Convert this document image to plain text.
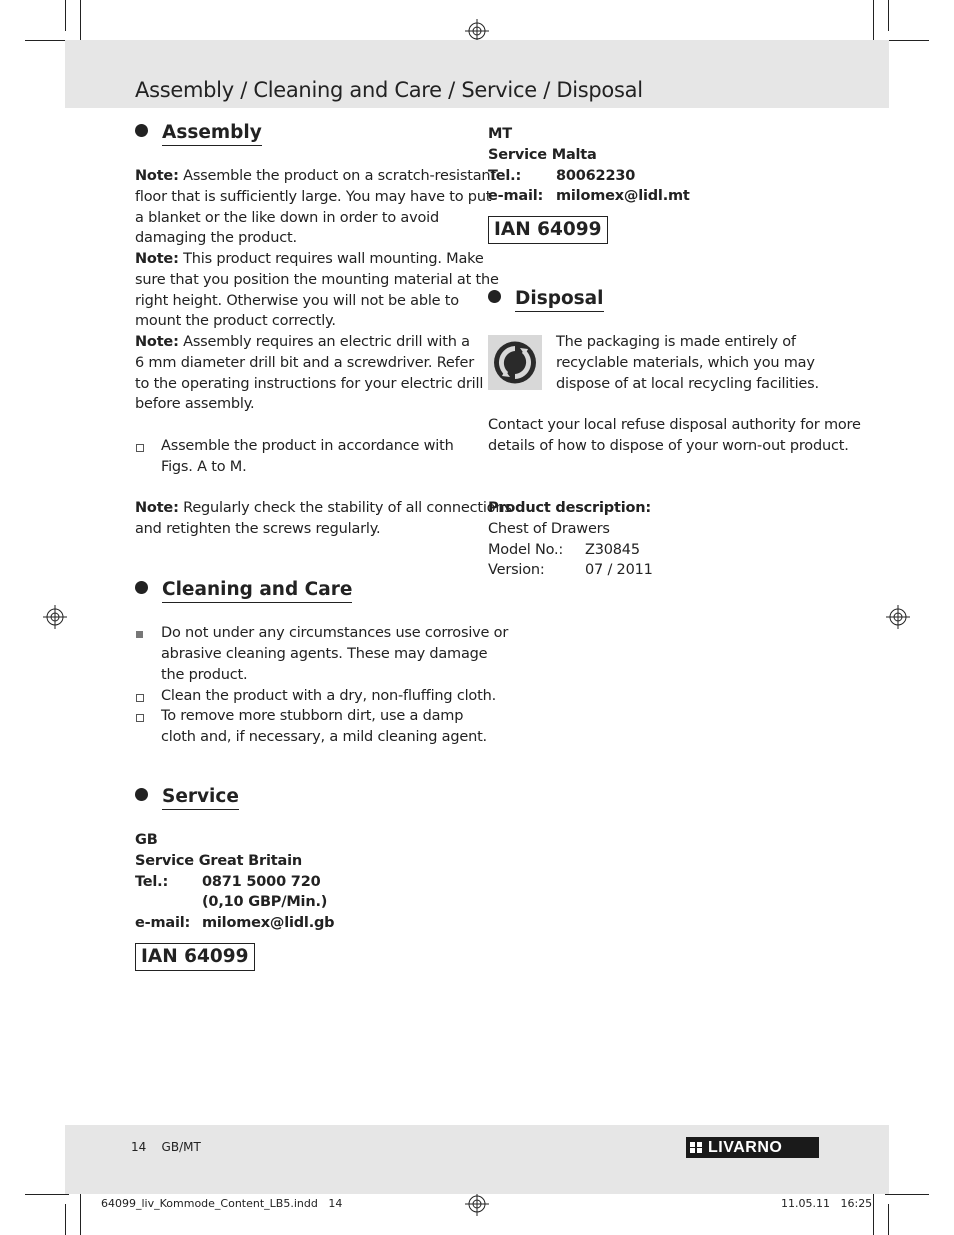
Assembly / Cleaning and Care / Service / Disposal
Assembly
Note: Assemble the product on a scratch-resistant
floor that is sufficiently large. You may have to put
a blanket or the like down in order to avoid
damaging the product.
Note: This product requires wall mounting. Make
sure that you position the mounting material at the
right height. Otherwise you will not be able to
mount the product correctly.
Note: Assembly requires an electric drill with a
6 mm diameter drill bit and a screwdriver. Refer
to the operating instructions for your electric drill
before assembly.
Assemble the product in accordance with
Figs. A to M.
Note: Regularly check the stability of all connections
and retighten the screws regularly.
Cleaning and Care
Do not under any circumstances use corrosive or
abrasive cleaning agents. These may damage
the product.
Clean the product with a dry, non-fluffing cloth.
To remove more stubborn dirt, use a damp
cloth and, if necessary, a mild cleaning agent.
Service
GB
Service Great Britain
Tel.: 0871 5000 720
(0,10 GBP/Min.)
e-mail: milomex@lidl.gb
IAN 64099
MT
Service Malta
Tel.: 80062230
e-mail: milomex@lidl.mt
IAN 64099
Disposal
The packaging is made entirely of
recyclable materials, which you may
dispose of at local recycling facilities.
Contact your local refuse disposal authority for more
details of how to dispose of your worn-out product.
Product description:
Chest of Drawers
Model No.: Z30845
Version:	07 / 2011
14 GB/MT	LIVARNO
64099_liv_Kommode_Content_LB5.indd   14	11.05.11 16:25
